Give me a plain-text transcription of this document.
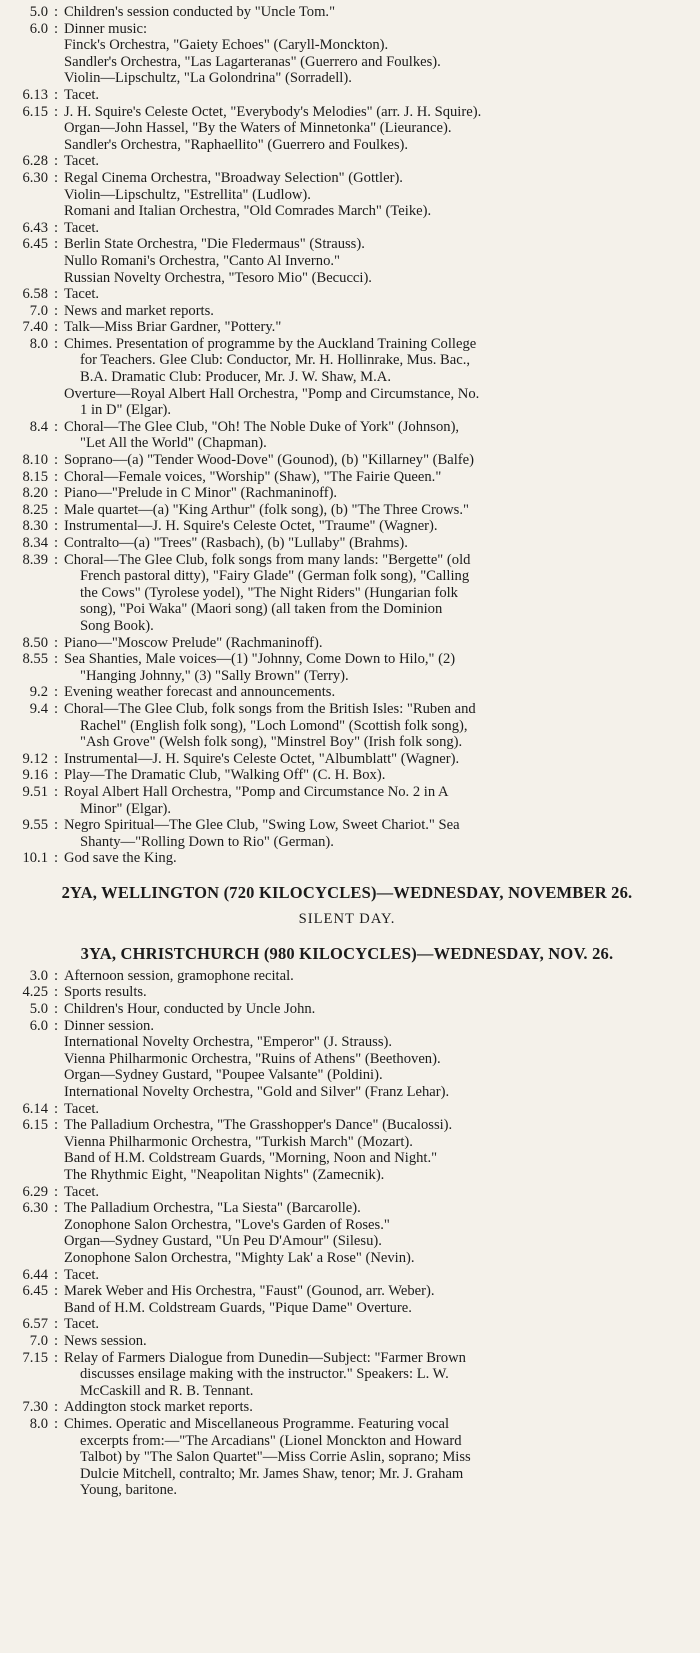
5.0 : Children's session conducted by "Uncle Tom."
6.0 : Dinner music:
Finck's Orchestra, "Gaiety Echoes" (Caryll-Monckton).
Sandler's Orchestra, "Las Lagarteranas" (Guerrero and Foulkes).
Violin—Lipschultz, "La Golondrina" (Sorradell).
6.13 : Tacet.
6.15 : J. H. Squire's Celeste Octet, "Everybody's Melodies" (arr. J. H. Squire).
Organ—John Hassel, "By the Waters of Minnetonka" (Lieurance).
Sandler's Orchestra, "Raphaellito" (Guerrero and Foulkes).
6.28 : Tacet.
6.30 : Regal Cinema Orchestra, "Broadway Selection" (Gottler).
Violin—Lipschultz, "Estrellita" (Ludlow).
Romani and Italian Orchestra, "Old Comrades March" (Teike).
6.43 : Tacet.
6.45 : Berlin State Orchestra, "Die Fledermaus" (Strauss).
Nullo Romani's Orchestra, "Canto Al Inverno."
Russian Novelty Orchestra, "Tesoro Mio" (Becucci).
6.58 : Tacet.
7.0 : News and market reports.
7.40 : Talk—Miss Briar Gardner, "Pottery."
8.0 : Chimes. Presentation of programme by the Auckland Training College
for Teachers. Glee Club: Conductor, Mr. H. Hollinrake, Mus. Bac.,
B.A. Dramatic Club: Producer, Mr. J. W. Shaw, M.A.
Overture—Royal Albert Hall Orchestra, "Pomp and Circumstance, No.
1 in D" (Elgar).
8.4 : Choral—The Glee Club, "Oh! The Noble Duke of York" (Johnson),
"Let All the World" (Chapman).
8.10 : Soprano—(a) "Tender Wood-Dove" (Gounod), (b) "Killarney" (Balfe)
8.15 : Choral—Female voices, "Worship" (Shaw), "The Fairie Queen."
8.20 : Piano—"Prelude in C Minor" (Rachmaninoff).
8.25 : Male quartet—(a) "King Arthur" (folk song), (b) "The Three Crows."
8.30 : Instrumental—J. H. Squire's Celeste Octet, "Traume" (Wagner).
8.34 : Contralto—(a) "Trees" (Rasbach), (b) "Lullaby" (Brahms).
8.39 : Choral—The Glee Club, folk songs from many lands: "Bergette" (old
French pastoral ditty), "Fairy Glade" (German folk song), "Calling
the Cows" (Tyrolese yodel), "The Night Riders" (Hungarian folk
song), "Poi Waka" (Maori song) (all taken from the Dominion
Song Book).
8.50 : Piano—"Moscow Prelude" (Rachmaninoff).
8.55 : Sea Shanties, Male voices—(1) "Johnny, Come Down to Hilo," (2)
"Hanging Johnny," (3) "Sally Brown" (Terry).
9.2 : Evening weather forecast and announcements.
9.4 : Choral—The Glee Club, folk songs from the British Isles: "Ruben and
Rachel" (English folk song), "Loch Lomond" (Scottish folk song),
"Ash Grove" (Welsh folk song), "Minstrel Boy" (Irish folk song).
9.12 : Instrumental—J. H. Squire's Celeste Octet, "Albumblatt" (Wagner).
9.16 : Play—The Dramatic Club, "Walking Off" (C. H. Box).
9.51 : Royal Albert Hall Orchestra, "Pomp and Circumstance No. 2 in A
Minor" (Elgar).
9.55 : Negro Spiritual—The Glee Club, "Swing Low, Sweet Chariot." Sea
Shanty—"Rolling Down to Rio" (German).
10.1 : God save the King.
2YA, WELLINGTON (720 KILOCYCLES)—WEDNESDAY, NOVEMBER 26.
SILENT DAY.
3YA, CHRISTCHURCH (980 KILOCYCLES)—WEDNESDAY, NOV. 26.
3.0 : Afternoon session, gramophone recital.
4.25 : Sports results.
5.0 : Children's Hour, conducted by Uncle John.
6.0 : Dinner session.
International Novelty Orchestra, "Emperor" (J. Strauss).
Vienna Philharmonic Orchestra, "Ruins of Athens" (Beethoven).
Organ—Sydney Gustard, "Poupee Valsante" (Poldini).
International Novelty Orchestra, "Gold and Silver" (Franz Lehar).
6.14 : Tacet.
6.15 : The Palladium Orchestra, "The Grasshopper's Dance" (Bucalossi).
Vienna Philharmonic Orchestra, "Turkish March" (Mozart).
Band of H.M. Coldstream Guards, "Morning, Noon and Night."
The Rhythmic Eight, "Neapolitan Nights" (Zamecnik).
6.29 : Tacet.
6.30 : The Palladium Orchestra, "La Siesta" (Barcarolle).
Zonophone Salon Orchestra, "Love's Garden of Roses."
Organ—Sydney Gustard, "Un Peu D'Amour" (Silesu).
Zonophone Salon Orchestra, "Mighty Lak' a Rose" (Nevin).
6.44 : Tacet.
6.45 : Marek Weber and His Orchestra, "Faust" (Gounod, arr. Weber).
Band of H.M. Coldstream Guards, "Pique Dame" Overture.
6.57 : Tacet.
7.0 : News session.
7.15 : Relay of Farmers Dialogue from Dunedin—Subject: "Farmer Brown
discusses ensilage making with the instructor." Speakers: L. W.
McCaskill and R. B. Tennant.
7.30 : Addington stock market reports.
8.0 : Chimes. Operatic and Miscellaneous Programme. Featuring vocal
excerpts from:—"The Arcadians" (Lionel Monckton and Howard
Talbot) by "The Salon Quartet"—Miss Corrie Aslin, soprano; Miss
Dulcie Mitchell, contralto; Mr. James Shaw, tenor; Mr. J. Graham
Young, baritone.
